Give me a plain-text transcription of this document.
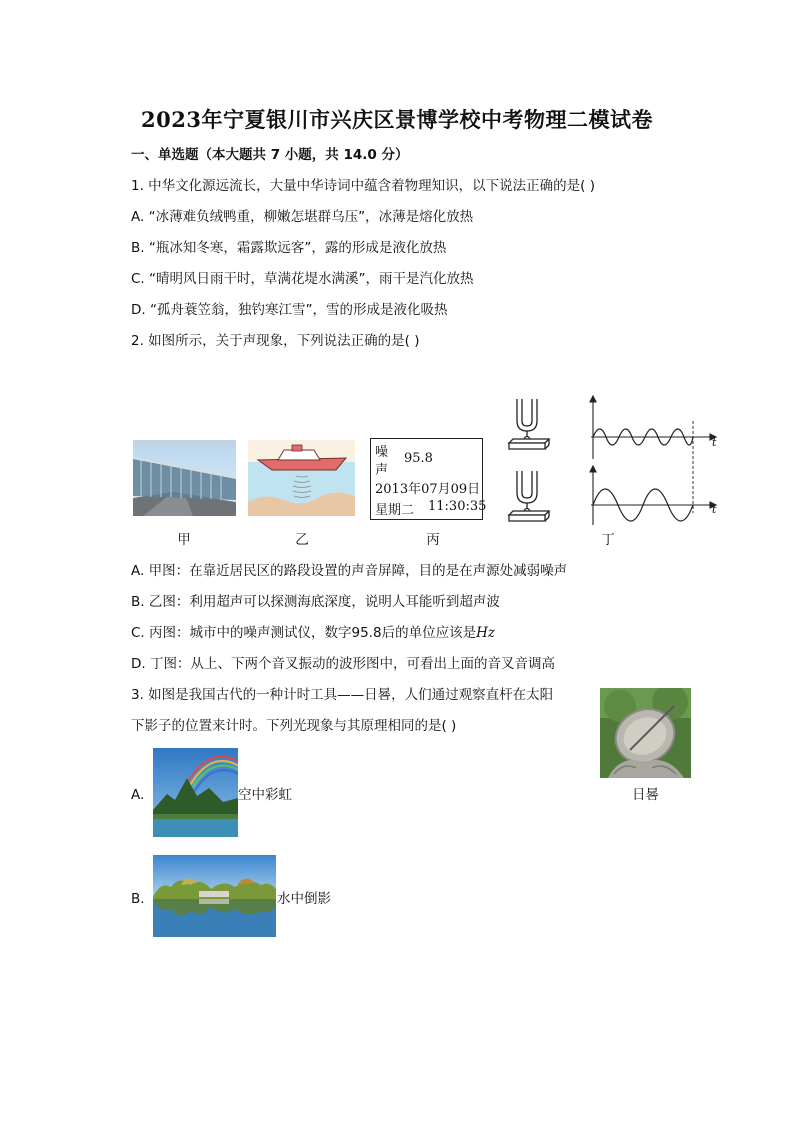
2023年宁夏银川市兴庆区景博学校中考物理二模试卷
一、单选题（本大题共 7 小题，共 14.0 分）
1. 中华文化源远流长，大量中华诗词中蕴含着物理知识，以下说法正确的是( )
A. “冰薄难负绒鸭重，柳嫩怎堪群乌压”，冰薄是熔化放热
B. “瓶冰知冬寒，霜露欺远客”，露的形成是液化放热
C. “晴明风日雨干时，草满花堤水满溪”，雨干是汽化放热
D. “孤舟蓑笠翁，独钓寒江雪”，雪的形成是液化吸热
2. 如图所示，关于声现象，下列说法正确的是( )
甲	乙
噪
声
95.8
2013年07月09日
星期二 11:30:35
丙
t
t
丁
A. 甲图：在靠近居民区的路段设置的声音屏障，目的是在声源处减弱噪声
B. 乙图：利用超声可以探测海底深度，说明人耳能听到超声波
C. 丙图：城市中的噪声测试仪，数字95.8后的单位应该是Hz
D. 丁图：从上、下两个音叉振动的波形图中，可看出上面的音叉音调高
3. 如图是我国古代的一种计时工具——日晷，人们通过观察直杆在太阳
下影子的位置来计时。下列光现象与其原理相同的是( )
日晷
A.	空中彩虹
B.	水中倒影
